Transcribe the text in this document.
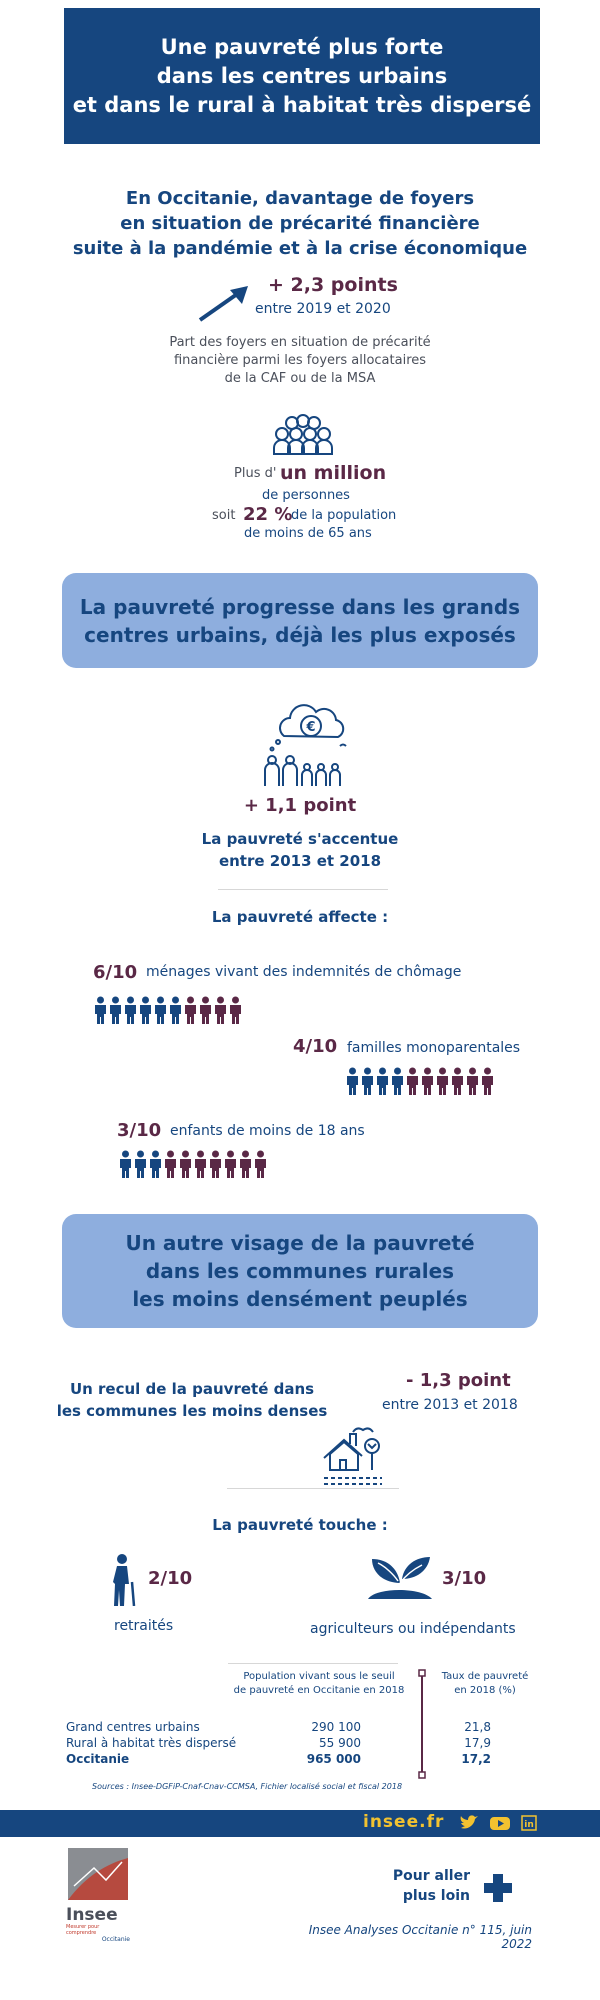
Une pauvreté plus forte
dans les centres urbains
et dans le rural à habitat très dispersé
En Occitanie, davantage de foyers
en situation de précarité financière
suite à la pandémie et à la crise économique
+ 2,3 points
entre 2019 et 2020
Part des foyers en situation de précarité
financière parmi les foyers allocataires
de la CAF ou de la MSA
Plus d' un million
de personnes
soit 22 %
de la population
de moins de 65 ans
La pauvreté progresse dans les grands
centres urbains, déjà les plus exposés
€
+ 1,1 point
La pauvreté s'accentue
entre 2013 et 2018
La pauvreté affecte :
6/10 ménages vivant des indemnités de chômage
4/10 familles monoparentales
3/10 enfants de moins de 18 ans
Un autre visage de la pauvreté
dans les communes rurales
les moins densément peuplés
Un recul de la pauvreté dans
les communes les moins denses
- 1,3 point
entre 2013 et 2018
La pauvreté touche :
2/10
retraités
3/10
agriculteurs ou indépendants
Population vivant sous le seuil
de pauvreté en Occitanie en 2018
Taux de pauvreté
en 2018 (%)
Grand centres urbains	290 100	21,8
Rural à habitat très dispersé	55 900	17,9
Occitanie	965 000	17,2
Sources : Insee-DGFiP-Cnaf-Cnav-CCMSA, Fichier localisé social et fiscal 2018
insee.fr	in
Insee
Mesurer pour comprendre
Occitanie
Pour aller
plus loin
Insee Analyses Occitanie n° 115, juin 2022
